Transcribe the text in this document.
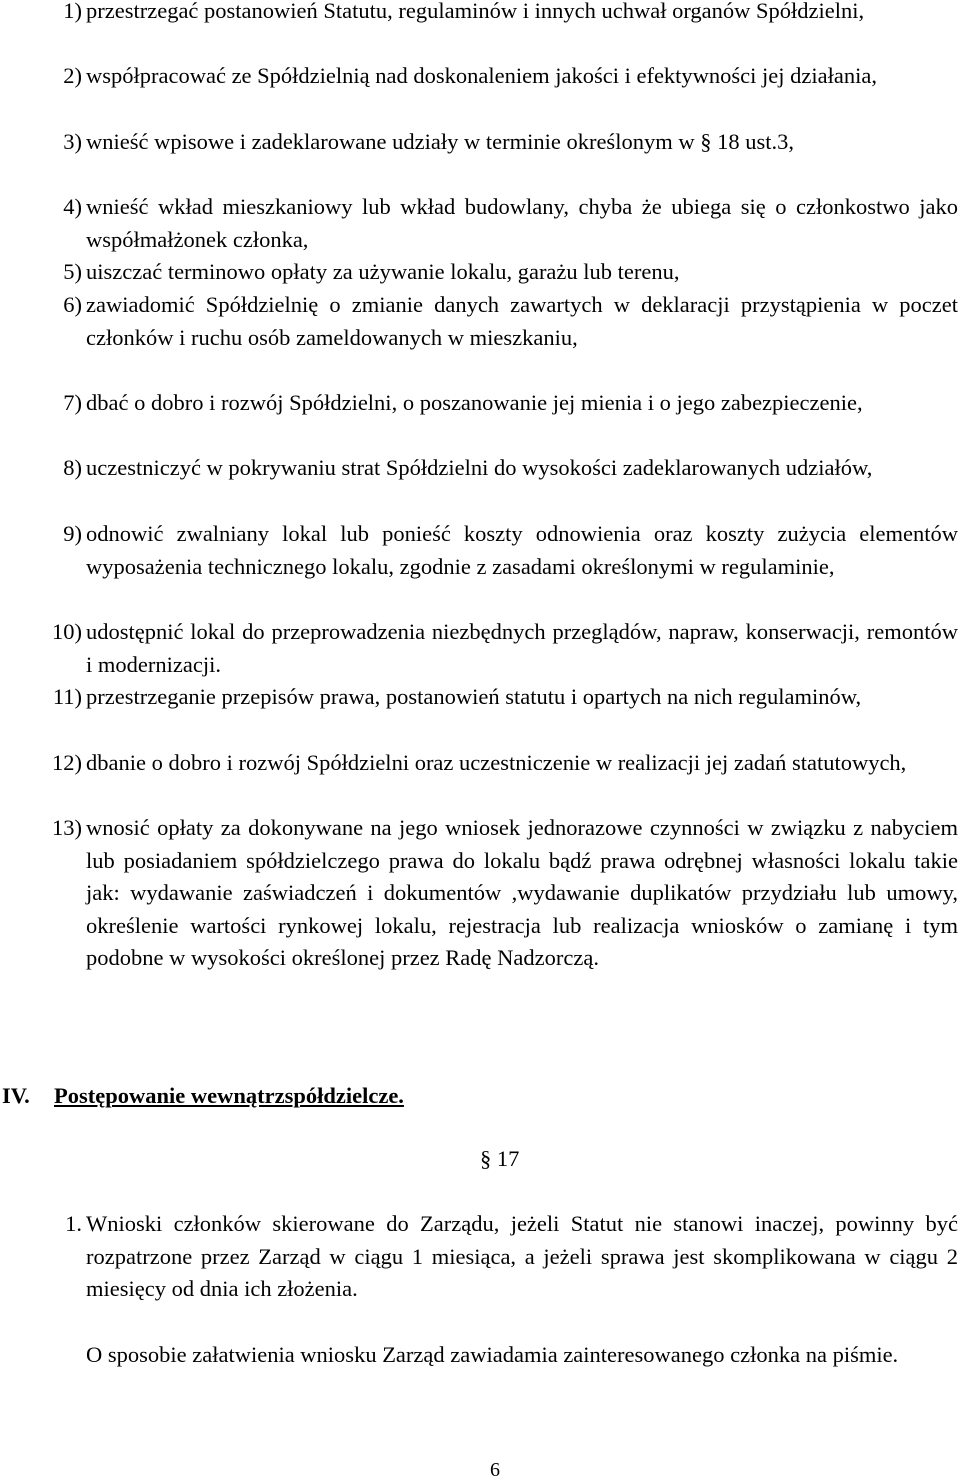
1) przestrzegać postanowień Statutu, regulaminów i innych uchwał organów Spółdzielni,
2) współpracować ze Spółdzielnią nad doskonaleniem jakości i efektywności jej działania,
3) wnieść wpisowe i zadeklarowane udziały w terminie określonym w § 18 ust.3,
4) wnieść wkład mieszkaniowy lub wkład budowlany, chyba że ubiega się o członkostwo jako współmałżonek członka,
5) uiszczać terminowo opłaty za używanie lokalu, garażu lub terenu,
6) zawiadomić Spółdzielnię o zmianie danych zawartych w deklaracji przystąpienia w poczet członków i ruchu osób zameldowanych w mieszkaniu,
7) dbać o dobro i rozwój Spółdzielni, o poszanowanie jej mienia i o jego zabezpieczenie,
8) uczestniczyć w pokrywaniu strat Spółdzielni do wysokości zadeklarowanych udziałów,
9) odnowić zwalniany lokal lub ponieść koszty odnowienia oraz koszty zużycia elementów wyposażenia technicznego lokalu, zgodnie z zasadami określonymi w regulaminie,
10) udostępnić lokal do przeprowadzenia niezbędnych przeglądów, napraw, konserwacji, remontów i modernizacji.
11) przestrzeganie przepisów prawa, postanowień statutu i opartych na nich regulaminów,
12) dbanie o dobro i rozwój Spółdzielni oraz uczestniczenie w realizacji jej zadań statutowych,
13) wnosić opłaty za dokonywane na jego wniosek jednorazowe czynności w związku z nabyciem lub posiadaniem spółdzielczego prawa do lokalu bądź prawa odrębnej własności lokalu takie jak: wydawanie zaświadczeń i dokumentów ,wydawanie duplikatów przydziału lub umowy, określenie wartości rynkowej lokalu, rejestracja lub realizacja wniosków o zamianę i tym podobne w wysokości określonej przez Radę Nadzorczą.
IV. Postępowanie wewnątrzspółdzielcze.
§ 17
1. Wnioski członków skierowane do Zarządu, jeżeli Statut nie stanowi inaczej, powinny być rozpatrzone przez Zarząd w ciągu 1 miesiąca, a jeżeli sprawa jest skomplikowana w ciągu 2 miesięcy od dnia ich złożenia.
O sposobie załatwienia wniosku Zarząd zawiadamia zainteresowanego członka na piśmie.
6
